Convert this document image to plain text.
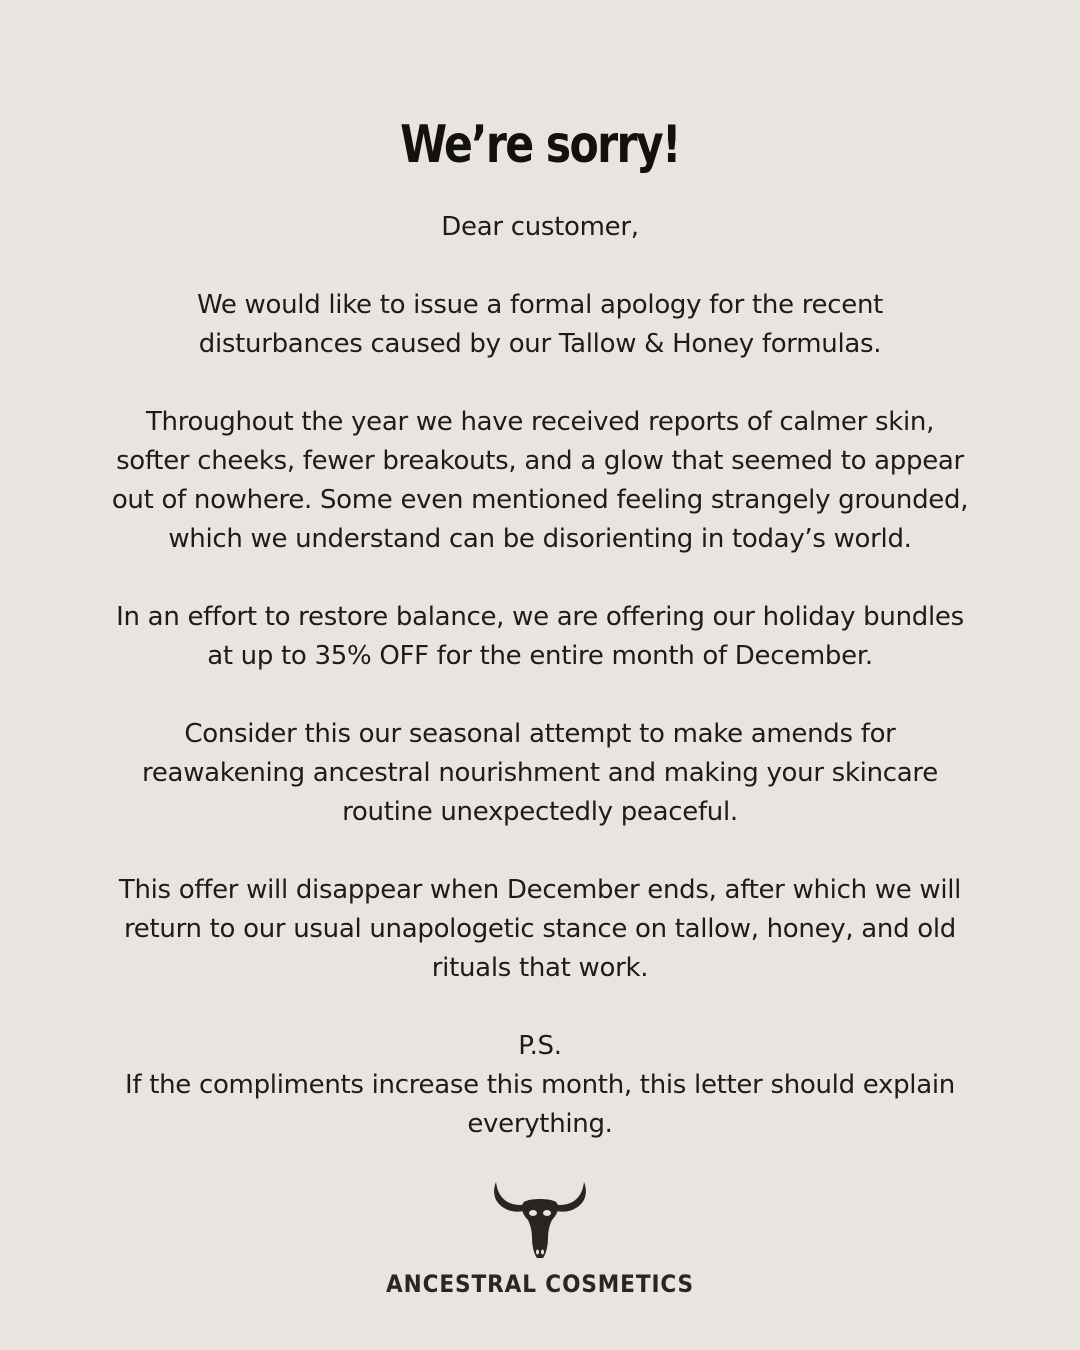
We’re sorry!

Dear customer,

We would like to issue a formal apology for the recent
disturbances caused by our Tallow & Honey formulas.

Throughout the year we have received reports of calmer skin,
softer cheeks, fewer breakouts, and a glow that seemed to appear
out of nowhere. Some even mentioned feeling strangely grounded,
which we understand can be disorienting in today’s world.

In an effort to restore balance, we are offering our holiday bundles
at up to 35% OFF for the entire month of December.

Consider this our seasonal attempt to make amends for
reawakening ancestral nourishment and making your skincare
routine unexpectedly peaceful.

This offer will disappear when December ends, after which we will
return to our usual unapologetic stance on tallow, honey, and old
rituals that work.

P.S.

If the compliments increase this month, this letter should explain
everything.

ANCESTRAL COSMETICS
